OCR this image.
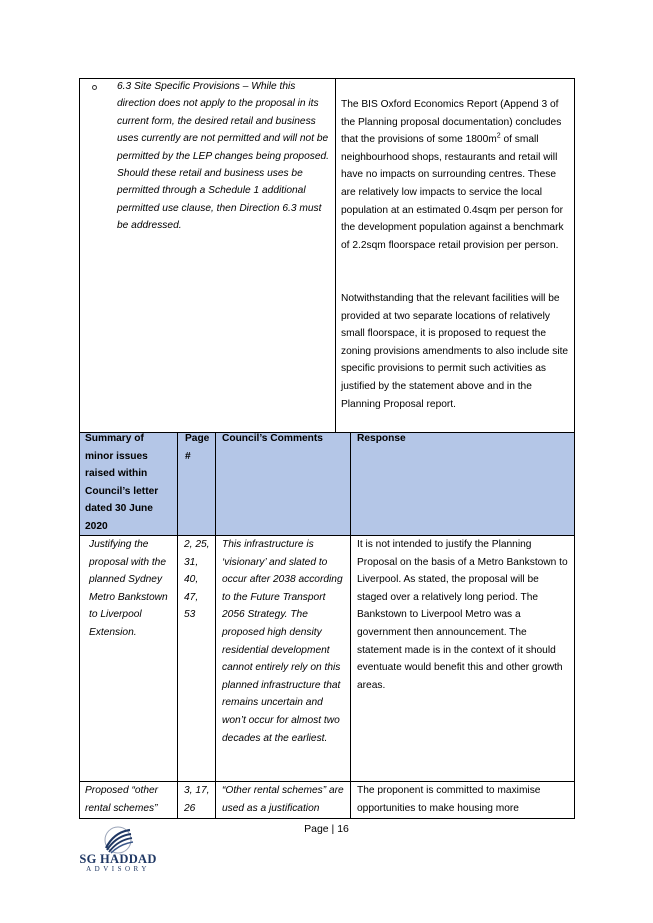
6.3 Site Specific Provisions – While this direction does not apply to the proposal in its current form, the desired retail and business uses currently are not permitted and will not be permitted by the LEP changes being proposed. Should these retail and business uses be permitted through a Schedule 1 additional permitted use clause, then Direction 6.3 must be addressed.
The BIS Oxford Economics Report (Append 3 of the Planning proposal documentation) concludes that the provisions of some $1800m^2$ of small neighbourhood shops, restaurants and retail will have no impacts on surrounding centres. These are relatively low impacts to service the local population at an estimated 0.4sqm per person for the development population against a benchmark of 2.2sqm floorspace retail provision per person.
Notwithstanding that the relevant facilities will be provided at two separate locations of relatively small floorspace, it is proposed to request the zoning provisions amendments to also include site specific provisions to permit such activities as justified by the statement above and in the Planning Proposal report.
Summary of minor issues raised within Council’s letter dated 30 June 2020
Page #
Council’s Comments	Response
Justifying the proposal with the planned Sydney Metro Bankstown to Liverpool Extension.
2, 25, 31, 40, 47, 53
This infrastructure is ‘visionary’ and slated to occur after 2038 according to the Future Transport 2056 Strategy. The proposed high density residential development cannot entirely rely on this planned infrastructure that remains uncertain and won’t occur for almost two decades at the earliest.
It is not intended to justify the Planning Proposal on the basis of a Metro Bankstown to Liverpool. As stated, the proposal will be staged over a relatively long period. The Bankstown to Liverpool Metro was a government then announcement. The statement made is in the context of it should eventuate would benefit this and other growth areas.
Proposed “other rental schemes”
3, 17, 26
“Other rental schemes” are used as a justification
The proponent is committed to maximise opportunities to make housing more
Page | 16
SG HADDAD
ADVISORY
